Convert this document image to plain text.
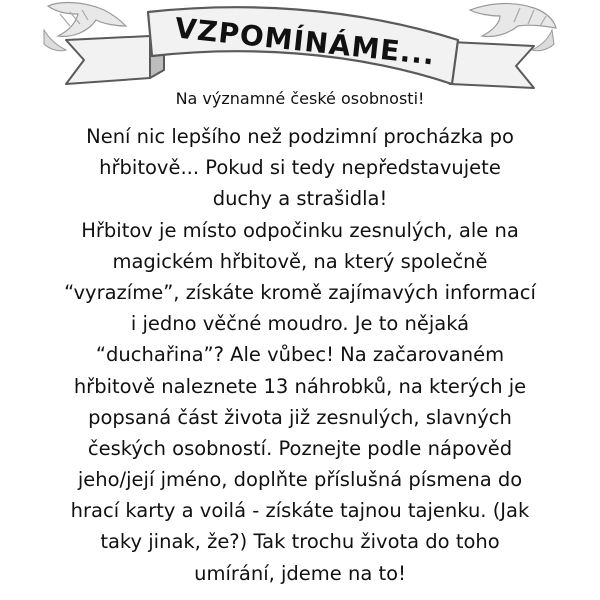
VZPOMÍNÁME...
Na významné české osobnosti!
Není nic lepšího než podzimní procházka po
hřbitově... Pokud si tedy nepředstavujete
duchy a strašidla!
Hřbitov je místo odpočinku zesnulých, ale na
magickém hřbitově, na který společně
“vyrazíme”, získáte kromě zajímavých informací
i jedno věčné moudro. Je to nějaká
“duchařina”? Ale vůbec! Na začarovaném
hřbitově naleznete 13 náhrobků, na kterých je
popsaná část života již zesnulých, slavných
českých osobností. Poznejte podle nápověd
jeho/její jméno, doplňte příslušná písmena do
hrací karty a voilá - získáte tajnou tajenku. (Jak
taky jinak, že?) Tak trochu života do toho
umírání, jdeme na to!
